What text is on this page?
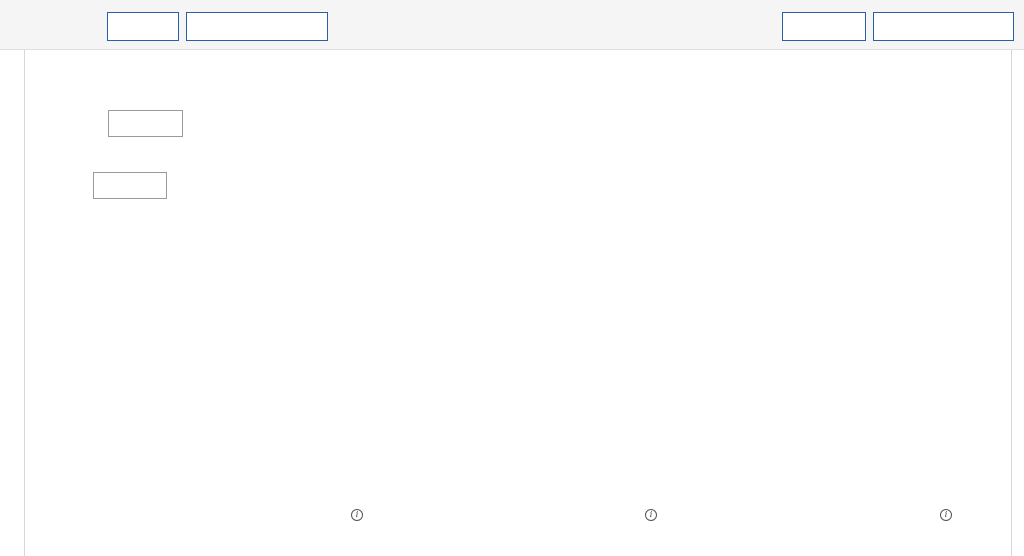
i	i	i
